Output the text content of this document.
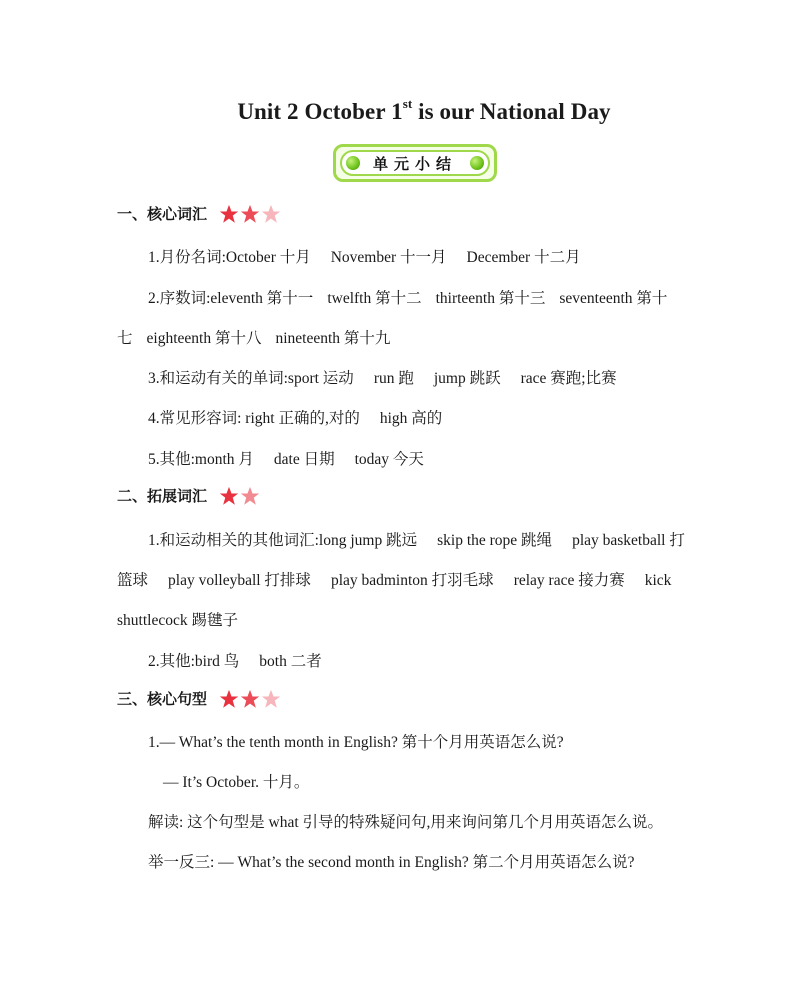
Unit 2 October 1st is our National Day
单元小结
一、核心词汇
1.月份名词:October 十月 November 十一月 December 十二月
2.序数词:eleventh 第十一 twelfth 第十二 thirteenth 第十三 seventeenth 第十
七 eighteenth 第十八 nineteenth 第十九
3.和运动有关的单词:sport 运动 run 跑 jump 跳跃 race 赛跑;比赛
4.常见形容词: right 正确的,对的 high 高的
5.其他:month 月 date 日期 today 今天
二、拓展词汇
1.和运动相关的其他词汇:long jump 跳远 skip the rope 跳绳 play basketball 打
篮球 play volleyball 打排球 play badminton 打羽毛球 relay race 接力赛 kick
shuttlecock 踢毽子
2.其他:bird 鸟 both 二者
三、核心句型
1.— What’s the tenth month in English? 第十个月用英语怎么说?
— It’s October. 十月。
解读: 这个句型是 what 引导的特殊疑问句,用来询问第几个月用英语怎么说。
举一反三: — What’s the second month in English? 第二个月用英语怎么说?
